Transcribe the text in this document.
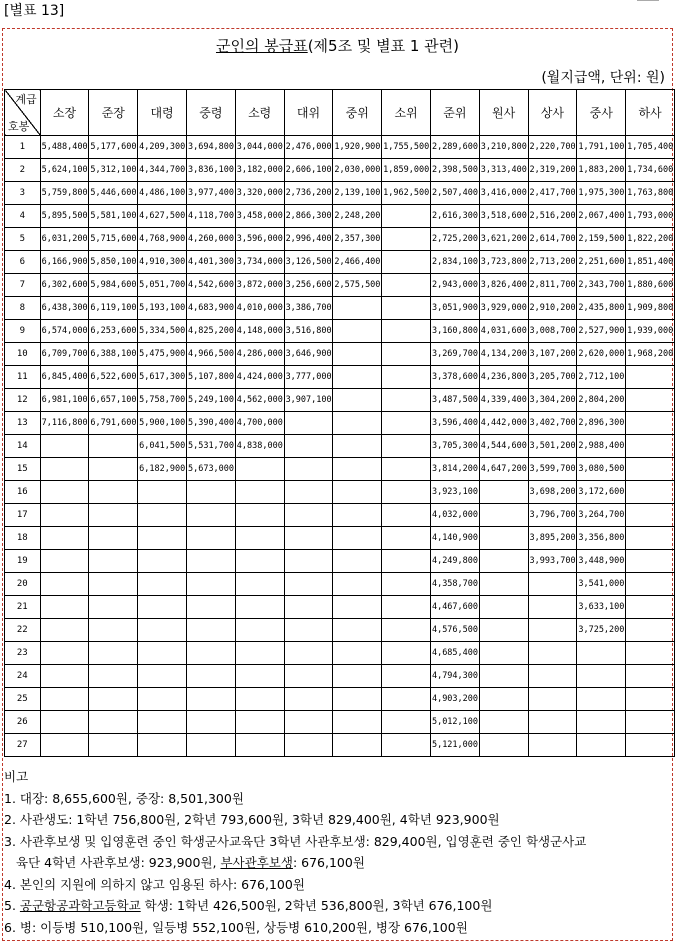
[별표 13]
군인의 봉급표(제5조 및 별표 1 관련)
(월지급액, 단위: 원)
계급
호봉	소장	준장	대령	중령	소령	대위	중위	소위	준위	원사	상사	중사	하사
1	5,488,400	5,177,600	4,209,300	3,694,800	3,044,000	2,476,000	1,920,900	1,755,500	2,289,600	3,210,800	2,220,700	1,791,100	1,705,400
2	5,624,100	5,312,100	4,344,700	3,836,100	3,182,000	2,606,100	2,030,000	1,859,000	2,398,500	3,313,400	2,319,200	1,883,200	1,734,600
3	5,759,800	5,446,600	4,486,100	3,977,400	3,320,000	2,736,200	2,139,100	1,962,500	2,507,400	3,416,000	2,417,700	1,975,300	1,763,800
4	5,895,500	5,581,100	4,627,500	4,118,700	3,458,000	2,866,300	2,248,200		2,616,300	3,518,600	2,516,200	2,067,400	1,793,000
5	6,031,200	5,715,600	4,768,900	4,260,000	3,596,000	2,996,400	2,357,300		2,725,200	3,621,200	2,614,700	2,159,500	1,822,200
6	6,166,900	5,850,100	4,910,300	4,401,300	3,734,000	3,126,500	2,466,400		2,834,100	3,723,800	2,713,200	2,251,600	1,851,400
7	6,302,600	5,984,600	5,051,700	4,542,600	3,872,000	3,256,600	2,575,500		2,943,000	3,826,400	2,811,700	2,343,700	1,880,600
8	6,438,300	6,119,100	5,193,100	4,683,900	4,010,000	3,386,700			3,051,900	3,929,000	2,910,200	2,435,800	1,909,800
9	6,574,000	6,253,600	5,334,500	4,825,200	4,148,000	3,516,800			3,160,800	4,031,600	3,008,700	2,527,900	1,939,000
10	6,709,700	6,388,100	5,475,900	4,966,500	4,286,000	3,646,900			3,269,700	4,134,200	3,107,200	2,620,000	1,968,200
11	6,845,400	6,522,600	5,617,300	5,107,800	4,424,000	3,777,000			3,378,600	4,236,800	3,205,700	2,712,100	
12	6,981,100	6,657,100	5,758,700	5,249,100	4,562,000	3,907,100			3,487,500	4,339,400	3,304,200	2,804,200	
13	7,116,800	6,791,600	5,900,100	5,390,400	4,700,000				3,596,400	4,442,000	3,402,700	2,896,300	
14			6,041,500	5,531,700	4,838,000				3,705,300	4,544,600	3,501,200	2,988,400	
15			6,182,900	5,673,000					3,814,200	4,647,200	3,599,700	3,080,500	
16									3,923,100		3,698,200	3,172,600	
17									4,032,000		3,796,700	3,264,700	
18									4,140,900		3,895,200	3,356,800	
19									4,249,800		3,993,700	3,448,900	
20									4,358,700			3,541,000	
21									4,467,600			3,633,100	
22									4,576,500			3,725,200	
23									4,685,400				
24									4,794,300				
25									4,903,200				
26									5,012,100				
27									5,121,000				
비고
1. 대장: 8,655,600원, 중장: 8,501,300원
2. 사관생도: 1학년 756,800원, 2학년 793,600원, 3학년 829,400원, 4학년 923,900원
3. 사관후보생 및 입영훈련 중인 학생군사교육단 3학년 사관후보생: 829,400원, 입영훈련 중인 학생군사교
육단 4학년 사관후보생: 923,900원, 부사관후보생: 676,100원
4. 본인의 지원에 의하지 않고 임용된 하사: 676,100원
5. 공군항공과학고등학교 학생: 1학년 426,500원, 2학년 536,800원, 3학년 676,100원
6. 병: 이등병 510,100원, 일등병 552,100원, 상등병 610,200원, 병장 676,100원
